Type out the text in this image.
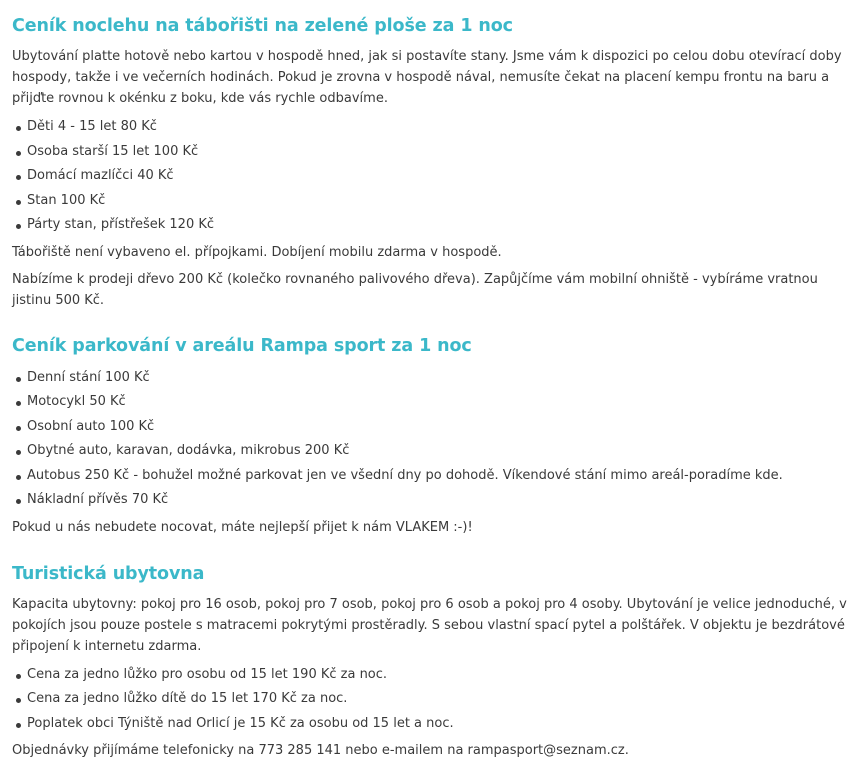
Ceník noclehu na tábořišti na zelené ploše za 1 noc

Ubytování platte hotově nebo kartou v hospodě hned, jak si postavíte stany. Jsme vám k dispozici po celou dobu otevírací doby hospody, takže i ve večerních hodinách. Pokud je zrovna v hospodě nával, nemusíte čekat na placení kempu frontu na baru a přijďte rovnou k okénku z boku, kde vás rychle odbavíme.

Děti 4 - 15 let 80 Kč
Osoba starší 15 let 100 Kč
Domácí mazlíčci 40 Kč
Stan 100 Kč
Párty stan, přístřešek 120 Kč

Tábořiště není vybaveno el. přípojkami. Dobíjení mobilu zdarma v hospodě.

Nabízíme k prodeji dřevo 200 Kč (kolečko rovnaného palivového dřeva). Zapůjčíme vám mobilní ohniště - vybíráme vratnou jistinu 500 Kč.

Ceník parkování v areálu Rampa sport za 1 noc
Denní stání 100 Kč
Motocykl 50 Kč
Osobní auto 100 Kč
Obytné auto, karavan, dodávka, mikrobus 200 Kč
Autobus 250 Kč - bohužel možné parkovat jen ve všední dny po dohodě. Víkendové stání mimo areál-poradíme kde.
Nákladní přívěs 70 Kč

Pokud u nás nebudete nocovat, máte nejlepší přijet k nám VLAKEM :-)!

Turistická ubytovna

Kapacita ubytovny: pokoj pro 16 osob, pokoj pro 7 osob, pokoj pro 6 osob a pokoj pro 4 osoby. Ubytování je velice jednoduché, v pokojích jsou pouze postele s matracemi pokrytými prostěradly. S sebou vlastní spací pytel a polštářek. V objektu je bezdrátové připojení k internetu zdarma.

Cena za jedno lůžko pro osobu od 15 let 190 Kč za noc.
Cena za jedno lůžko dítě do 15 let 170 Kč za noc.
Poplatek obci Týniště nad Orlicí je 15 Kč za osobu od 15 let a noc.

Objednávky přijímáme telefonicky na 773 285 141 nebo e-mailem na rampasport@seznam.cz.
